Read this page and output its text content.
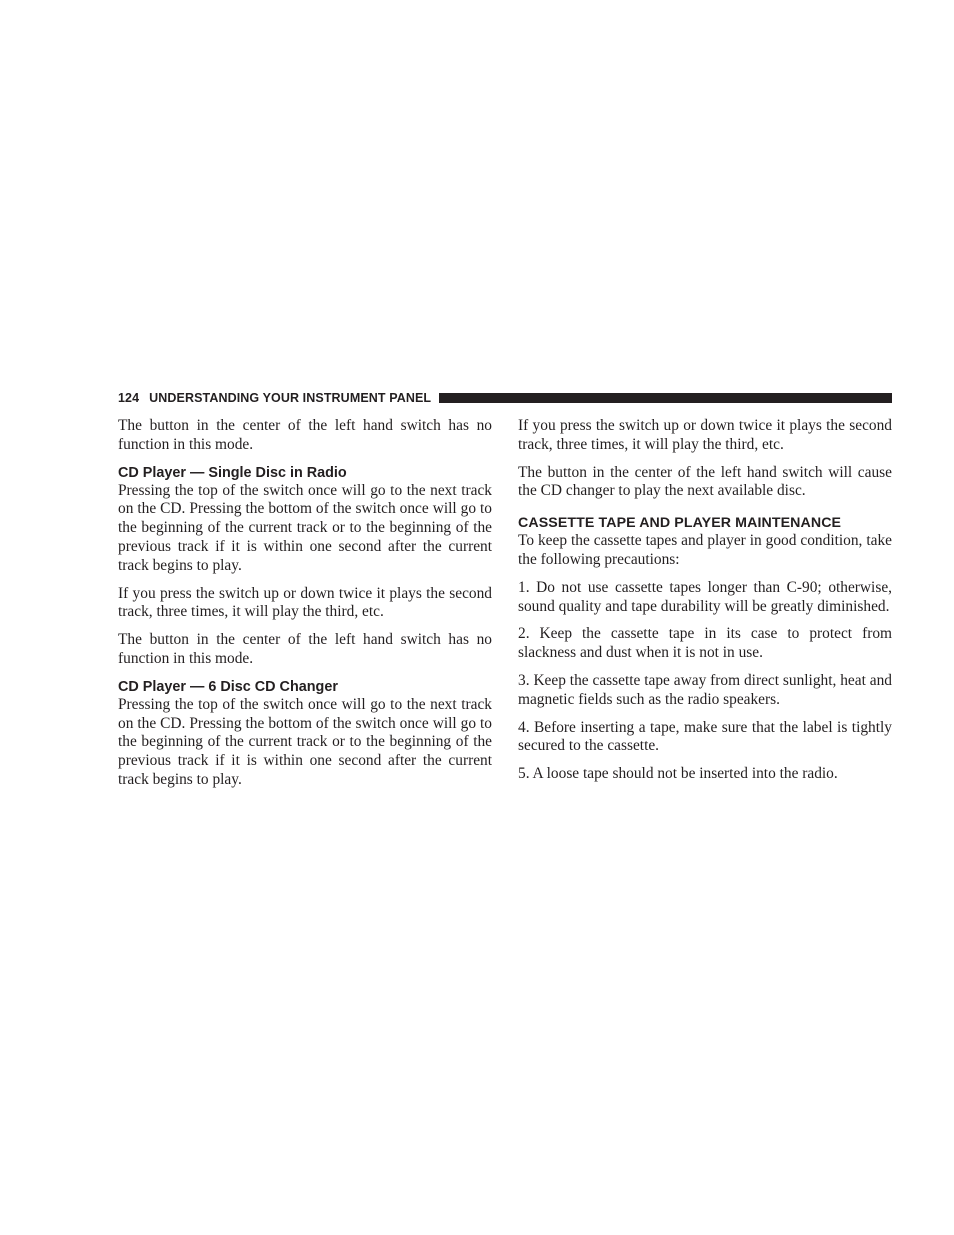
124 UNDERSTANDING YOUR INSTRUMENT PANEL

The button in the center of the left hand switch has no function in this mode.

CD Player — Single Disc in Radio

Pressing the top of the switch once will go to the next track on the CD. Pressing the bottom of the switch once will go to the beginning of the current track or to the beginning of the previous track if it is within one second after the current track begins to play.

If you press the switch up or down twice it plays the second track, three times, it will play the third, etc.

The button in the center of the left hand switch has no function in this mode.

CD Player — 6 Disc CD Changer

Pressing the top of the switch once will go to the next track on the CD. Pressing the bottom of the switch once will go to the beginning of the current track or to the beginning of the previous track if it is within one second after the current track begins to play.

If you press the switch up or down twice it plays the second track, three times, it will play the third, etc.

The button in the center of the left hand switch will cause the CD changer to play the next available disc.

CASSETTE TAPE AND PLAYER MAINTENANCE

To keep the cassette tapes and player in good condition, take the following precautions:

1. Do not use cassette tapes longer than C-90; otherwise, sound quality and tape durability will be greatly diminished.

2. Keep the cassette tape in its case to protect from slackness and dust when it is not in use.

3. Keep the cassette tape away from direct sunlight, heat and magnetic fields such as the radio speakers.

4. Before inserting a tape, make sure that the label is tightly secured to the cassette.

5. A loose tape should not be inserted into the radio.
